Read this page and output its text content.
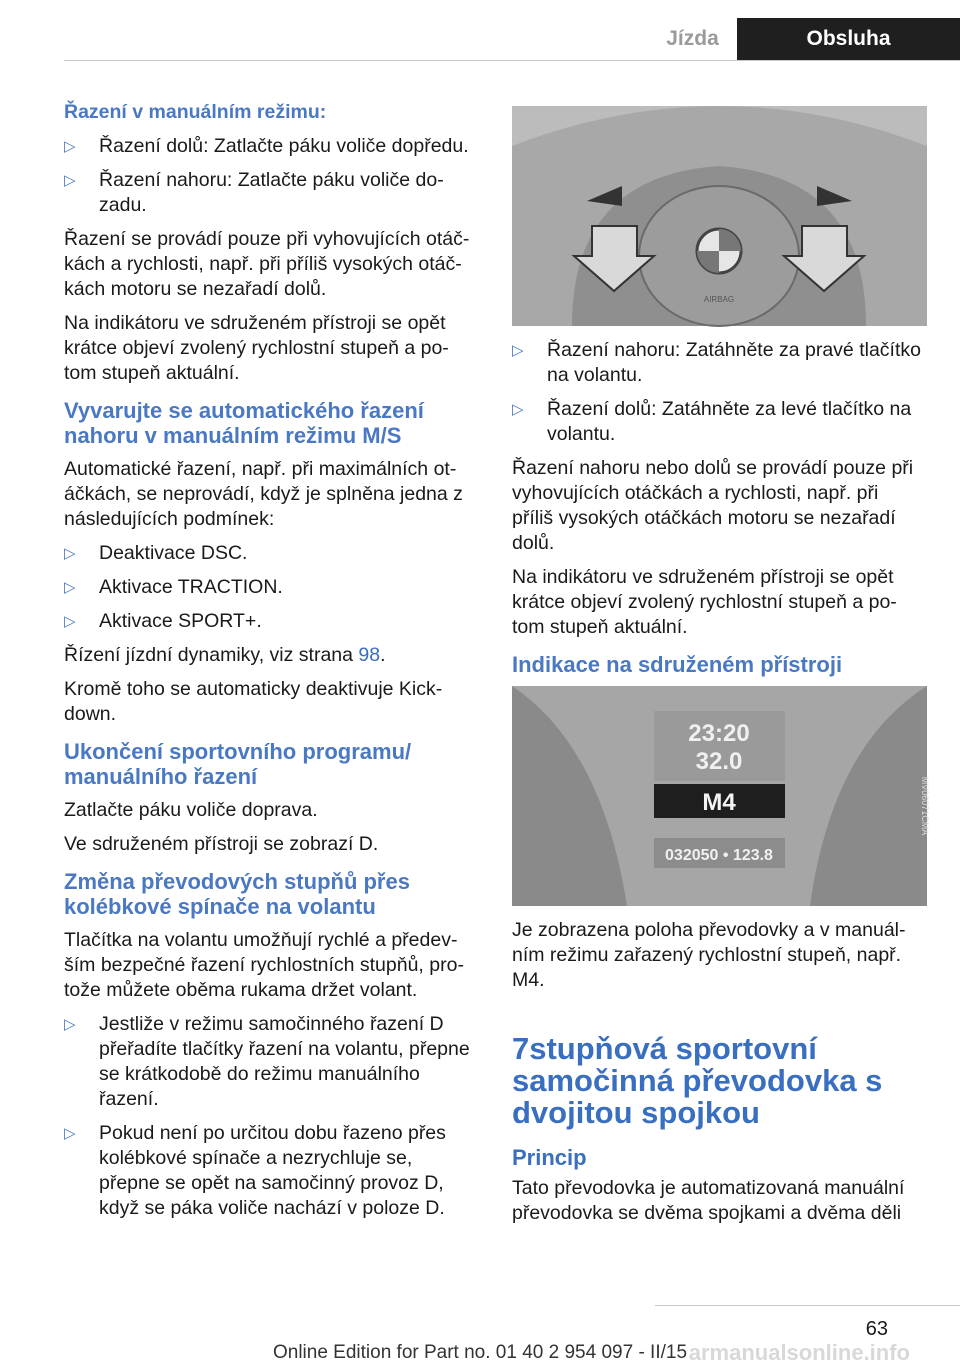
Jízda	Obsluha
Řazení v manuálním režimu:
▷ Řazení dolů: Zatlačte páku voliče dopředu.
▷ Řazení nahoru: Zatlačte páku voliče dozadu.

Řazení se provádí pouze při vyhovujících otáčkách a rychlosti, např. při příliš vysokých otáčkách motoru se nezařadí dolů.

Na indikátoru ve sdruženém přístroji se opět krátce objeví zvolený rychlostní stupeň a potom stupeň aktuální.

Vyvarujte se automatického řazení nahoru v manuálním režimu M/S

Automatické řazení, např. při maximálních otáčkách, se neprovádí, když je splněna jedna z následujících podmínek:

▷ Deaktivace DSC.
▷ Aktivace TRACTION.
▷ Aktivace SPORT+.

Řízení jízdní dynamiky, viz strana 98.

Kromě toho se automaticky deaktivuje Kickdown.

Ukončení sportovního programu/ manuálního řazení

Zatlačte páku voliče doprava.

Ve sdruženém přístroji se zobrazí D.

Změna převodových stupňů přes kolébkové spínače na volantu

Tlačítka na volantu umožňují rychlé a především bezpečné řazení rychlostních stupňů, protože můžete oběma rukama držet volant.

▷ Jestliže v režimu samočinného řazení D přeřadíte tlačítky řazení na volantu, přepne se krátkodobě do režimu manuálního řazení.
▷ Pokud není po určitou dobu řazeno přes kolébkové spínače a nezrychluje se, přepne se opět na samočinný provoz D, když se páka voliče nachází v poloze D.
AIRBAG
▷ Řazení nahoru: Zatáhněte za pravé tlačítko na volantu.
▷ Řazení dolů: Zatáhněte za levé tlačítko na volantu.

Řazení nahoru nebo dolů se provádí pouze při vyhovujících otáčkách a rychlosti, např. při příliš vysokých otáčkách motoru se nezařadí dolů.

Na indikátoru ve sdruženém přístroji se opět krátce objeví zvolený rychlostní stupeň a potom stupeň aktuální.

Indikace na sdruženém přístroji
23:20
32.0
M4
032050 • 123.8
MV06071CMA

Je zobrazena poloha převodovky a v manuálním režimu zařazený rychlostní stupeň, např. M4.

7stupňová sportovní samočinná převodovka s dvojitou spojkou
Princip

Tato převodovka je automatizovaná manuální převodovka se dvěma spojkami a dvěma děli

63
Online Edition for Part no. 01 40 2 954 097 - II/15 armanualsonline.info
